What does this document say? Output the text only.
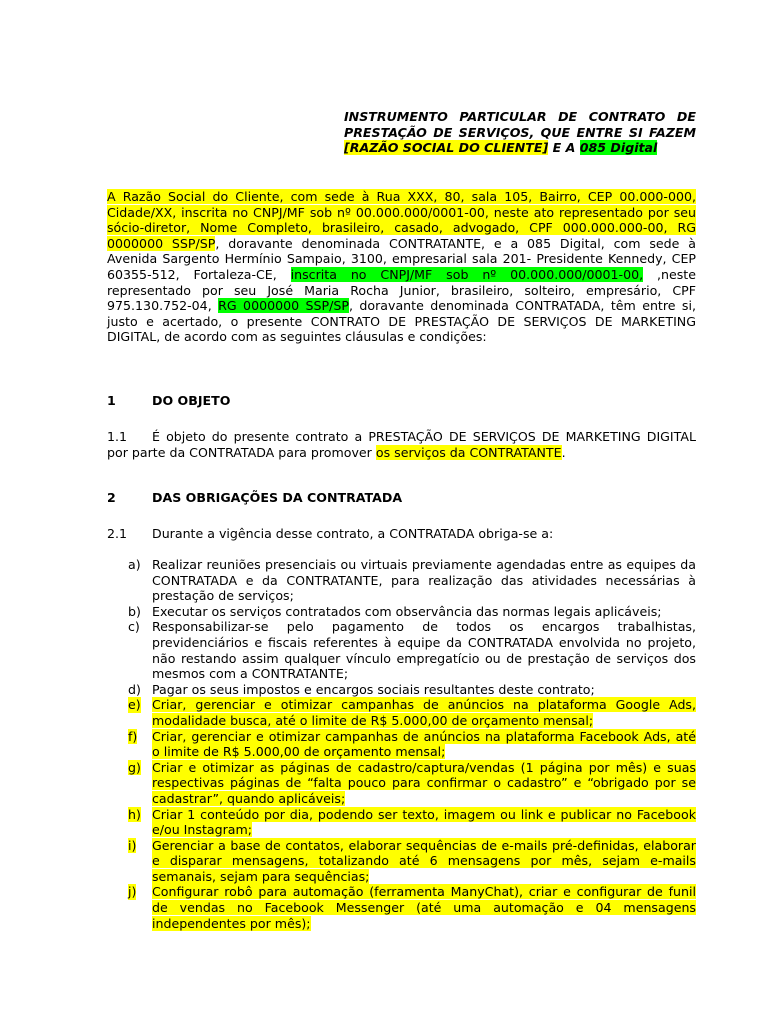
INSTRUMENTO PARTICULAR DE CONTRATO DE
PRESTAÇÃO DE SERVIÇOS, QUE ENTRE SI FAZEM
[RAZÃO SOCIAL DO CLIENTE] E A 085 Digital
A Razão Social do Cliente, com sede à Rua XXX, 80, sala 105, Bairro, CEP 00.000-000, Cidade/XX, inscrita no CNPJ/MF sob nº 00.000.000/0001-00, neste ato representado por seu sócio-diretor, Nome Completo, brasileiro, casado, advogado, CPF 000.000.000-00, RG 0000000 SSP/SP, doravante denominada CONTRATANTE, e a 085 Digital, com sede à Avenida Sargento Hermínio Sampaio, 3100, empresarial sala 201- Presidente Kennedy, CEP 60355-512, Fortaleza-CE, inscrita no CNPJ/MF sob nº 00.000.000/0001-00, ,neste representado por seu José Maria Rocha Junior, brasileiro, solteiro, empresário, CPF 975.130.752-04, RG 0000000 SSP/SP, doravante denominada CONTRATADA, têm entre si, justo e acertado, o presente CONTRATO DE PRESTAÇÃO DE SERVIÇOS DE MARKETING DIGITAL, de acordo com as seguintes cláusulas e condições:
1	DO OBJETO
1.1 É objeto do presente contrato a PRESTAÇÃO DE SERVIÇOS DE MARKETING DIGITAL por parte da CONTRATADA para promover os serviços da CONTRATANTE.
2	DAS OBRIGAÇÕES DA CONTRATADA
2.1 Durante a vigência desse contrato, a CONTRATADA obriga-se a:
a) Realizar reuniões presenciais ou virtuais previamente agendadas entre as equipes da CONTRATADA e da CONTRATANTE, para realização das atividades necessárias à prestação de serviços;
b) Executar os serviços contratados com observância das normas legais aplicáveis;
c) Responsabilizar-se pelo pagamento de todos os encargos trabalhistas, previdenciários e fiscais referentes à equipe da CONTRATADA envolvida no projeto, não restando assim qualquer vínculo empregatício ou de prestação de serviços dos mesmos com a CONTRATANTE;
d) Pagar os seus impostos e encargos sociais resultantes deste contrato;
e) Criar, gerenciar e otimizar campanhas de anúncios na plataforma Google Ads, modalidade busca, até o limite de R$ 5.000,00 de orçamento mensal;
f) Criar, gerenciar e otimizar campanhas de anúncios na plataforma Facebook Ads, até o limite de R$ 5.000,00 de orçamento mensal;
g) Criar e otimizar as páginas de cadastro/captura/vendas (1 página por mês) e suas respectivas páginas de “falta pouco para confirmar o cadastro” e “obrigado por se cadastrar”, quando aplicáveis;
h) Criar 1 conteúdo por dia, podendo ser texto, imagem ou link e publicar no Facebook e/ou Instagram;
i) Gerenciar a base de contatos, elaborar sequências de e-mails pré-definidas, elaborar e disparar mensagens, totalizando até 6 mensagens por mês, sejam e-mails semanais, sejam para sequências;
j) Configurar robô para automação (ferramenta ManyChat), criar e configurar de funil de vendas no Facebook Messenger (até uma automação e 04 mensagens independentes por mês);
